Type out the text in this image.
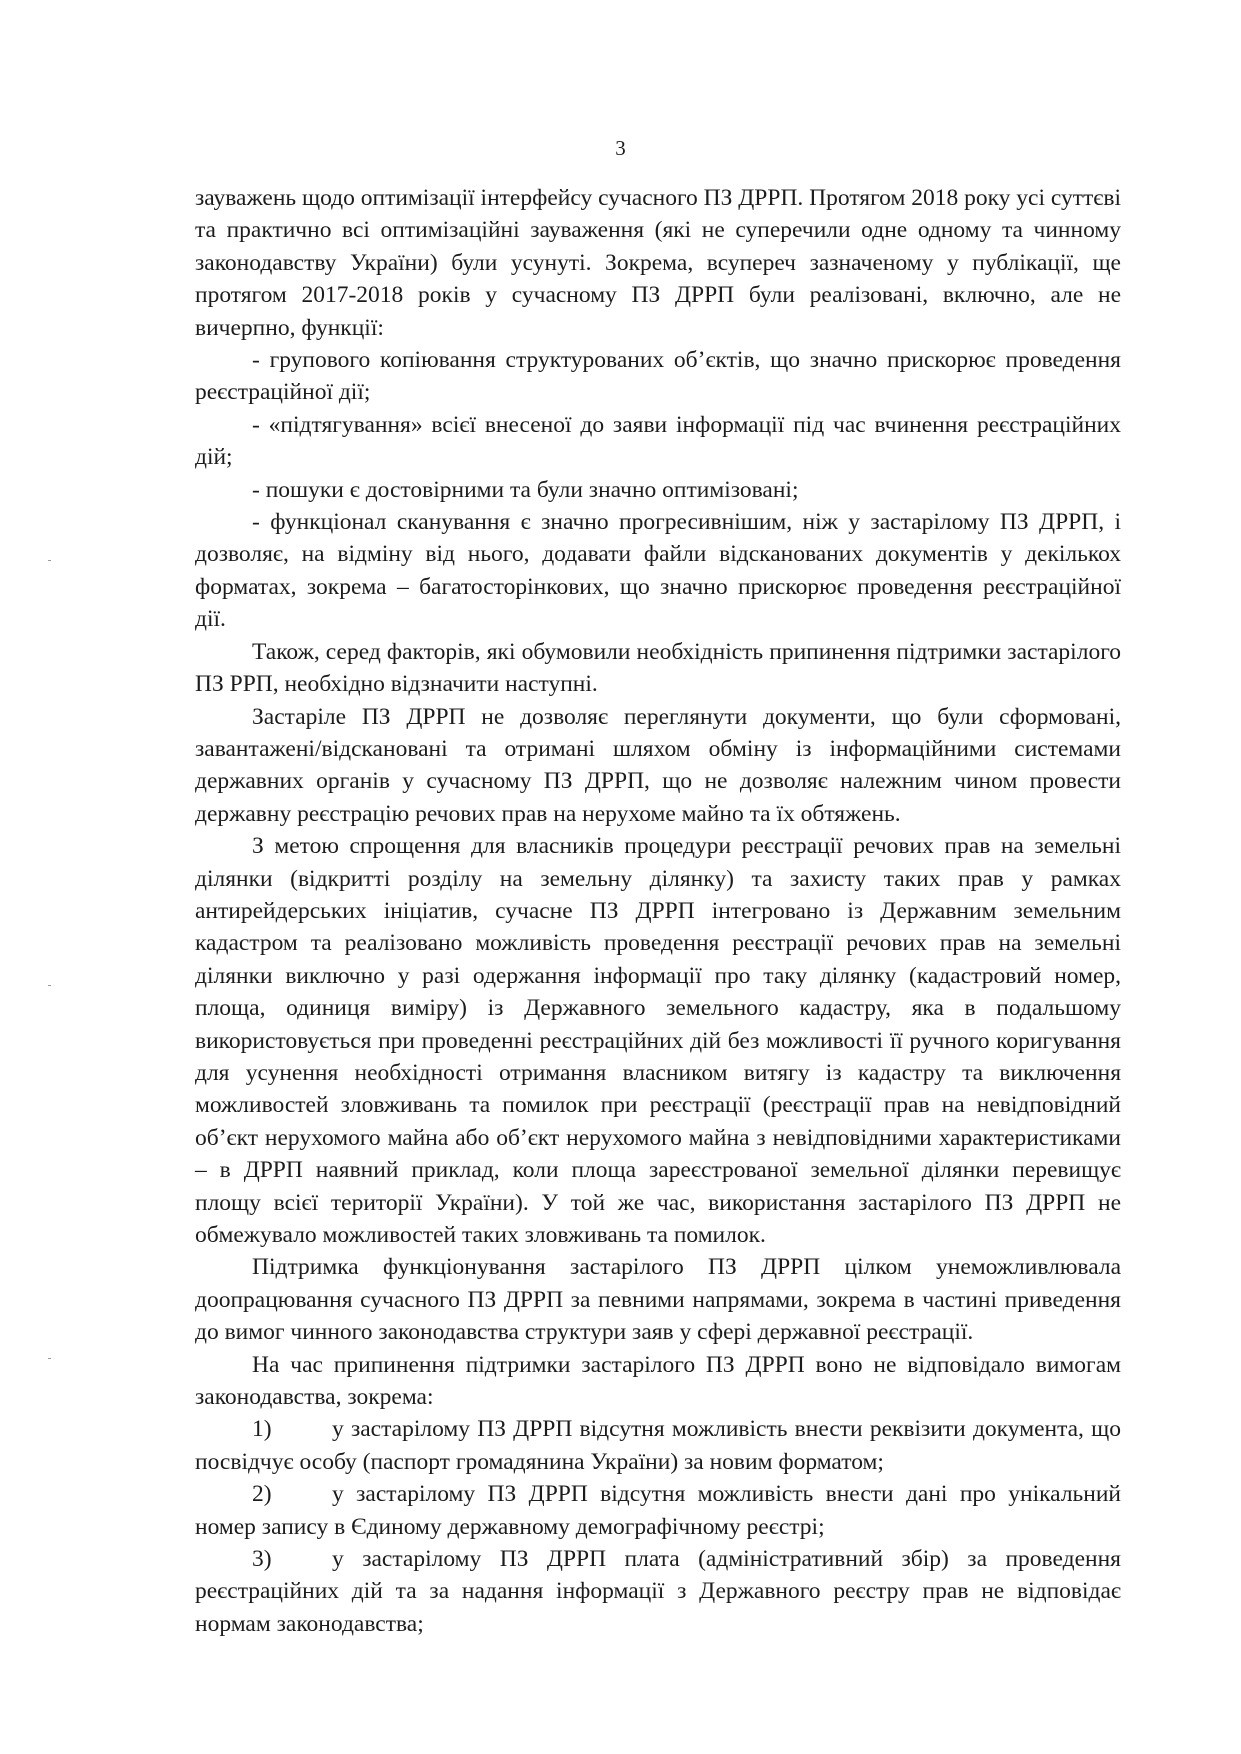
3

зауважень щодо оптимізації інтерфейсу сучасного ПЗ ДРРП. Протягом 2018 року усі суттєві та практично всі оптимізаційні зауваження (які не суперечили одне одному та чинному законодавству України) були усунуті. Зокрема, всупереч зазначеному у публікації, ще протягом 2017-2018 років у сучасному ПЗ ДРРП були реалізовані, включно, але не вичерпно, функції:

- групового копіювання структурованих об’єктів, що значно прискорює проведення реєстраційної дії;

- «підтягування» всієї внесеної до заяви інформації під час вчинення реєстраційних дій;

- пошуки є достовірними та були значно оптимізовані;

- функціонал сканування є значно прогресивнішим, ніж у застарілому ПЗ ДРРП, і дозволяє, на відміну від нього, додавати файли відсканованих документів у декількох форматах, зокрема – багатосторінкових, що значно прискорює проведення реєстраційної дії.

Також, серед факторів, які обумовили необхідність припинення підтримки застарілого ПЗ РРП, необхідно відзначити наступні.

Застаріле ПЗ ДРРП не дозволяє переглянути документи, що були сформовані, завантажені/відскановані та отримані шляхом обміну із інформаційними системами державних органів у сучасному ПЗ ДРРП, що не дозволяє належним чином провести державну реєстрацію речових прав на нерухоме майно та їх обтяжень.

З метою спрощення для власників процедури реєстрації речових прав на земельні ділянки (відкритті розділу на земельну ділянку) та захисту таких прав у рамках антирейдерських ініціатив, сучасне ПЗ ДРРП інтегровано із Державним земельним кадастром та реалізовано можливість проведення реєстрації речових прав на земельні ділянки виключно у разі одержання інформації про таку ділянку (кадастровий номер, площа, одиниця виміру) із Державного земельного кадастру, яка в подальшому використовується при проведенні реєстраційних дій без можливості її ручного коригування для усунення необхідності отримання власником витягу із кадастру та виключення можливостей зловживань та помилок при реєстрації (реєстрації прав на невідповідний об’єкт нерухомого майна або об’єкт нерухомого майна з невідповідними характеристиками – в ДРРП наявний приклад, коли площа зареєстрованої земельної ділянки перевищує площу всієї території України). У той же час, використання застарілого ПЗ ДРРП не обмежувало можливостей таких зловживань та помилок.

Підтримка функціонування застарілого ПЗ ДРРП цілком унеможливлювала доопрацювання сучасного ПЗ ДРРП за певними напрямами, зокрема в частині приведення до вимог чинного законодавства структури заяв у сфері державної реєстрації.

На час припинення підтримки застарілого ПЗ ДРРП воно не відповідало вимогам законодавства, зокрема:

1)	у застарілому ПЗ ДРРП відсутня можливість внести реквізити документа, що посвідчує особу (паспорт громадянина України) за новим форматом;

2)	у застарілому ПЗ ДРРП відсутня можливість внести дані про унікальний номер запису в Єдиному державному демографічному реєстрі;

3)	у застарілому ПЗ ДРРП плата (адміністративний збір) за проведення реєстраційних дій та за надання інформації з Державного реєстру прав не відповідає нормам законодавства;
